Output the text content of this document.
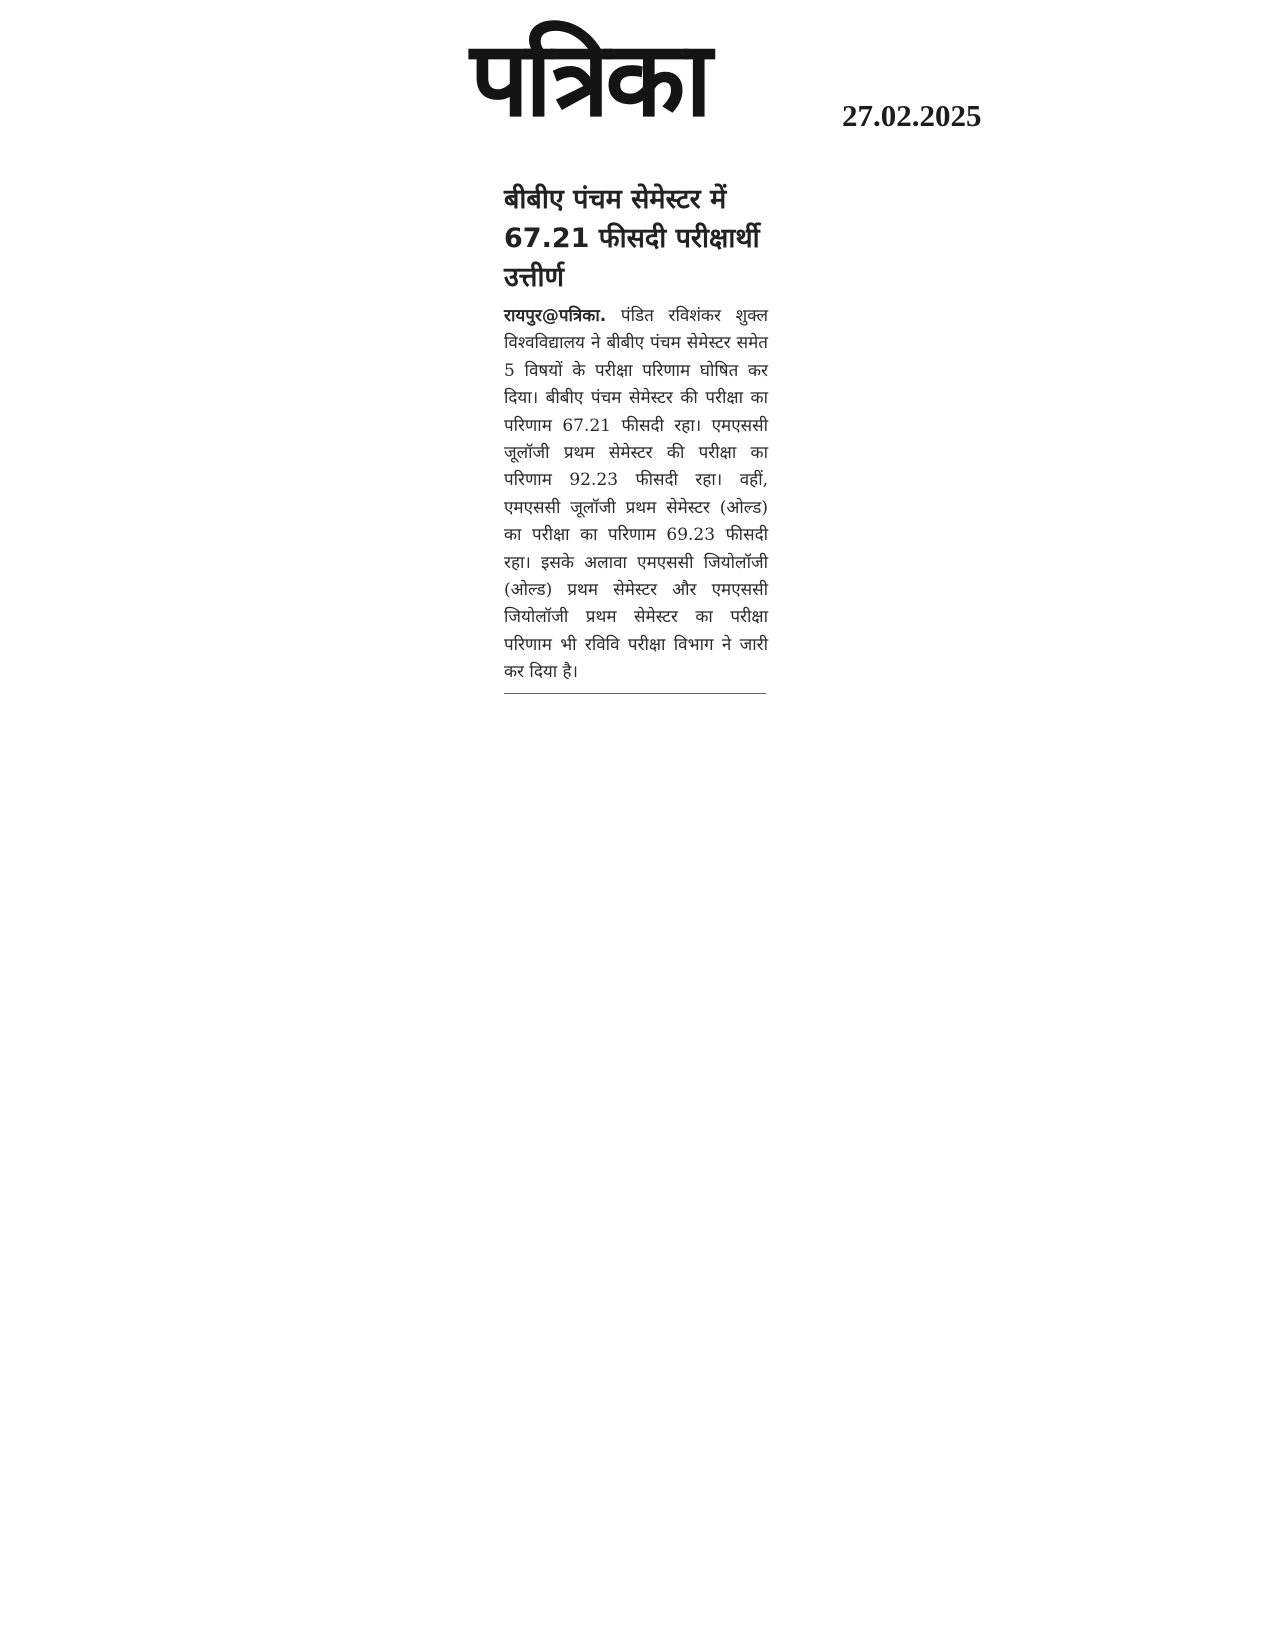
पत्रिका	27.02.2025
बीबीए पंचम सेमेस्टर में 67.21 फीसदी परीक्षार्थी उत्तीर्ण

रायपुर@पत्रिका. पंडित रविशंकर शुक्ल विश्वविद्यालय ने बीबीए पंचम सेमेस्टर समेत 5 विषयों के परीक्षा परिणाम घोषित कर दिया। बीबीए पंचम सेमेस्टर की परीक्षा का परिणाम 67.21 फीसदी रहा। एमएससी जूलॉजी प्रथम सेमेस्टर की परीक्षा का परिणाम 92.23 फीसदी रहा। वहीं, एमएससी जूलॉजी प्रथम सेमेस्टर (ओल्ड) का परीक्षा का परिणाम 69.23 फीसदी रहा। इसके अलावा एमएससी जियोलॉजी (ओल्ड) प्रथम सेमेस्टर और एमएससी जियोलॉजी प्रथम सेमेस्टर का परीक्षा परिणाम भी रविवि परीक्षा विभाग ने जारी कर दिया है।
